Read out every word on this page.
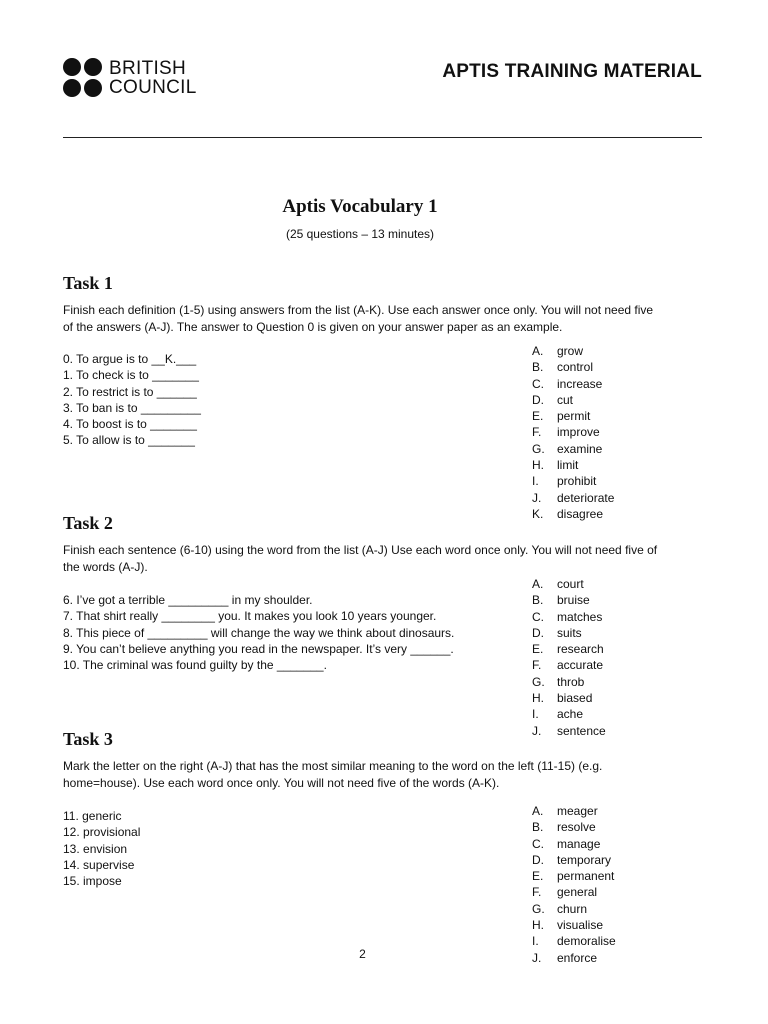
BRITISH
COUNCIL
APTIS TRAINING MATERIAL
Aptis Vocabulary 1
(25 questions – 13 minutes)
Task 1
Finish each definition (1-5) using answers from the list (A-K). Use each answer once only. You will not need five of the answers (A-J). The answer to Question 0 is given on your answer paper as an example.
0. To argue is to __K.___
1. To check is to _______
2. To restrict is to ______
3. To ban is to _________
4. To boost is to _______
5. To allow is to _______
A.	grow
B.	control
C.	increase
D.	cut
E.	permit
F.	improve
G.	examine
H.	limit
I.	prohibit
J.	deteriorate
K.	disagree
Task 2
Finish each sentence (6-10) using the word from the list (A-J) Use each word once only. You will not need five of the words (A-J).
6. I’ve got a terrible _________ in my shoulder.
7. That shirt really ________ you. It makes you look 10 years younger.
8. This piece of _________ will change the way we think about dinosaurs.
9. You can’t believe anything you read in the newspaper. It’s very ______.
10. The criminal was found guilty by the _______.
A.	court
B.	bruise
C.	matches
D.	suits
E.	research
F.	accurate
G.	throb
H.	biased
I.	ache
J.	sentence
Task 3
Mark the letter on the right (A-J) that has the most similar meaning to the word on the left (11-15) (e.g. home=house). Use each word once only. You will not need five of the words (A-K).
11. generic
12. provisional
13. envision
14. supervise
15. impose
A.	meager
B.	resolve
C.	manage
D.	temporary
E.	permanent
F.	general
G.	churn
H.	visualise
I.	demoralise
J.	enforce
2
